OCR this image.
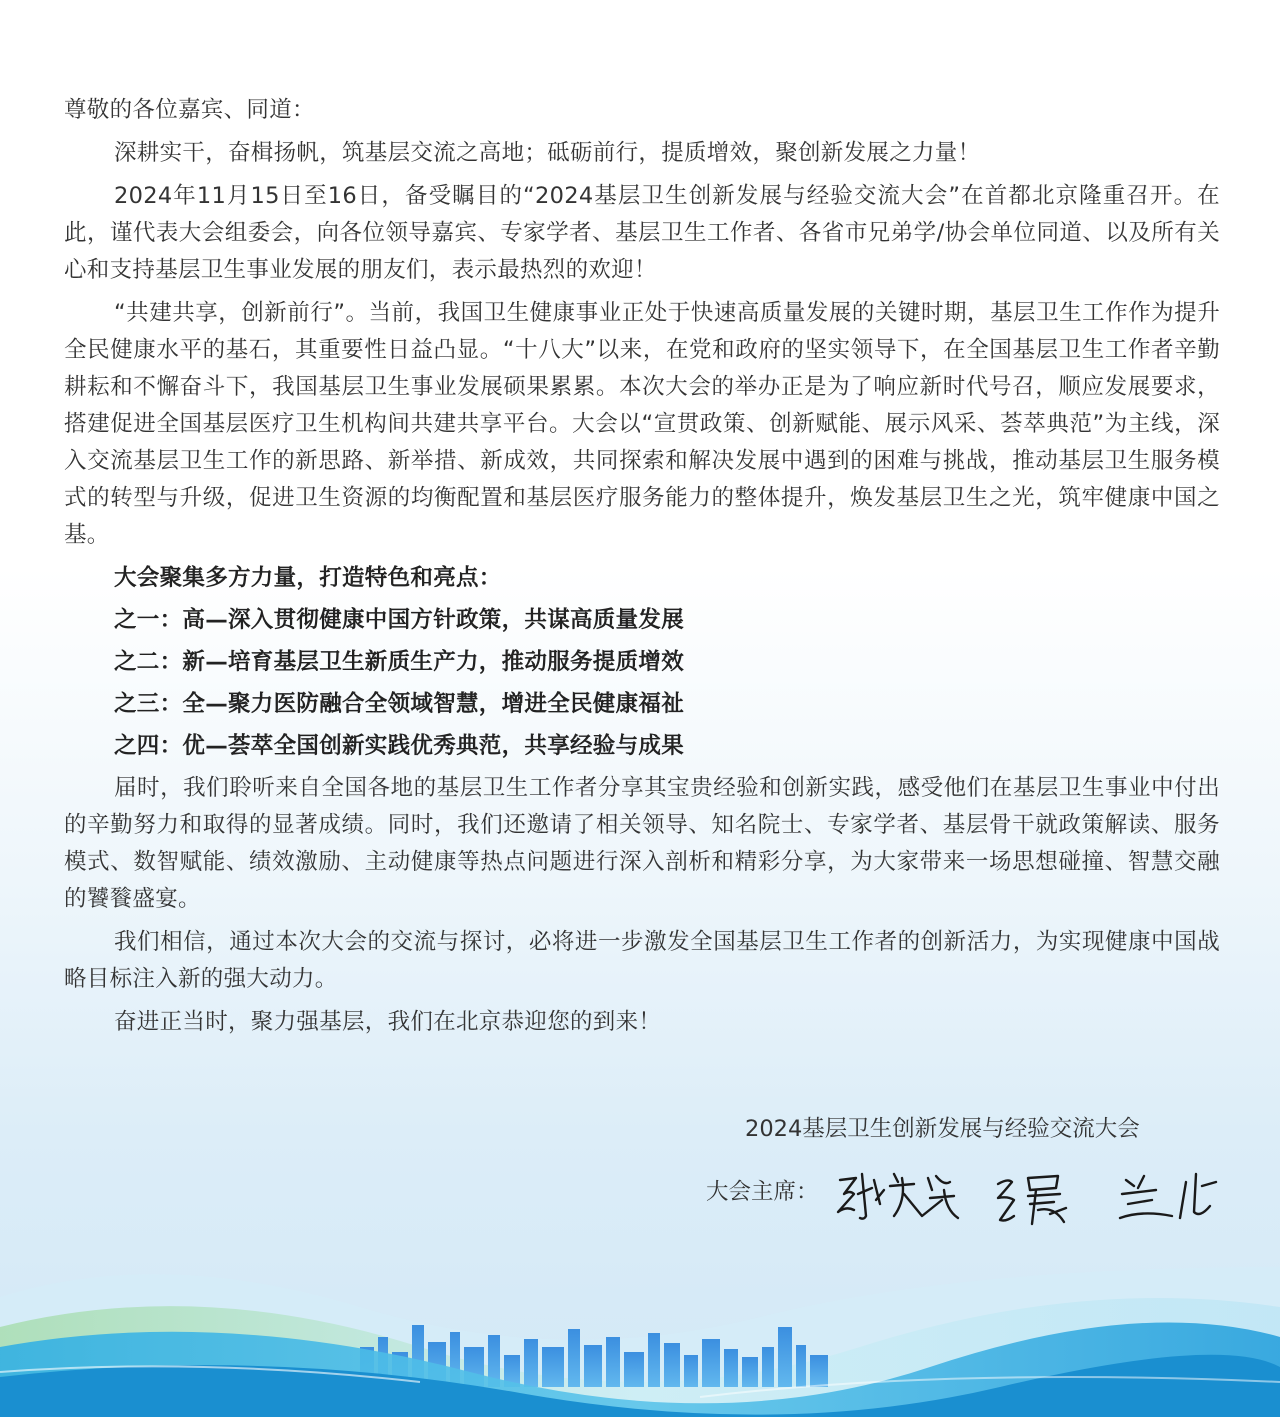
尊敬的各位嘉宾、同道：

深耕实干，奋楫扬帆，筑基层交流之高地；砥砺前行，提质增效，聚创新发展之力量！

2024年11月15日至16日，备受瞩目的“2024基层卫生创新发展与经验交流大会”在首都北京隆重召开。在此，谨代表大会组委会，向各位领导嘉宾、专家学者、基层卫生工作者、各省市兄弟学/协会单位同道、以及所有关心和支持基层卫生事业发展的朋友们，表示最热烈的欢迎！

“共建共享，创新前行”。当前，我国卫生健康事业正处于快速高质量发展的关键时期，基层卫生工作作为提升全民健康水平的基石，其重要性日益凸显。“十八大”以来，在党和政府的坚实领导下，在全国基层卫生工作者辛勤耕耘和不懈奋斗下，我国基层卫生事业发展硕果累累。本次大会的举办正是为了响应新时代号召，顺应发展要求，搭建促进全国基层医疗卫生机构间共建共享平台。大会以“宣贯政策、创新赋能、展示风采、荟萃典范”为主线，深入交流基层卫生工作的新思路、新举措、新成效，共同探索和解决发展中遇到的困难与挑战，推动基层卫生服务模式的转型与升级，促进卫生资源的均衡配置和基层医疗服务能力的整体提升，焕发基层卫生之光，筑牢健康中国之基。

大会聚集多方力量，打造特色和亮点：

之一：高—深入贯彻健康中国方针政策，共谋高质量发展

之二：新—培育基层卫生新质生产力，推动服务提质增效

之三：全—聚力医防融合全领域智慧，增进全民健康福祉

之四：优—荟萃全国创新实践优秀典范，共享经验与成果

届时，我们聆听来自全国各地的基层卫生工作者分享其宝贵经验和创新实践，感受他们在基层卫生事业中付出的辛勤努力和取得的显著成绩。同时，我们还邀请了相关领导、知名院士、专家学者、基层骨干就政策解读、服务模式、数智赋能、绩效激励、主动健康等热点问题进行深入剖析和精彩分享，为大家带来一场思想碰撞、智慧交融的饕餮盛宴。

我们相信，通过本次大会的交流与探讨，必将进一步激发全国基层卫生工作者的创新活力，为实现健康中国战略目标注入新的强大动力。

奋进正当时，聚力强基层，我们在北京恭迎您的到来！

2024基层卫生创新发展与经验交流大会
大会主席：
